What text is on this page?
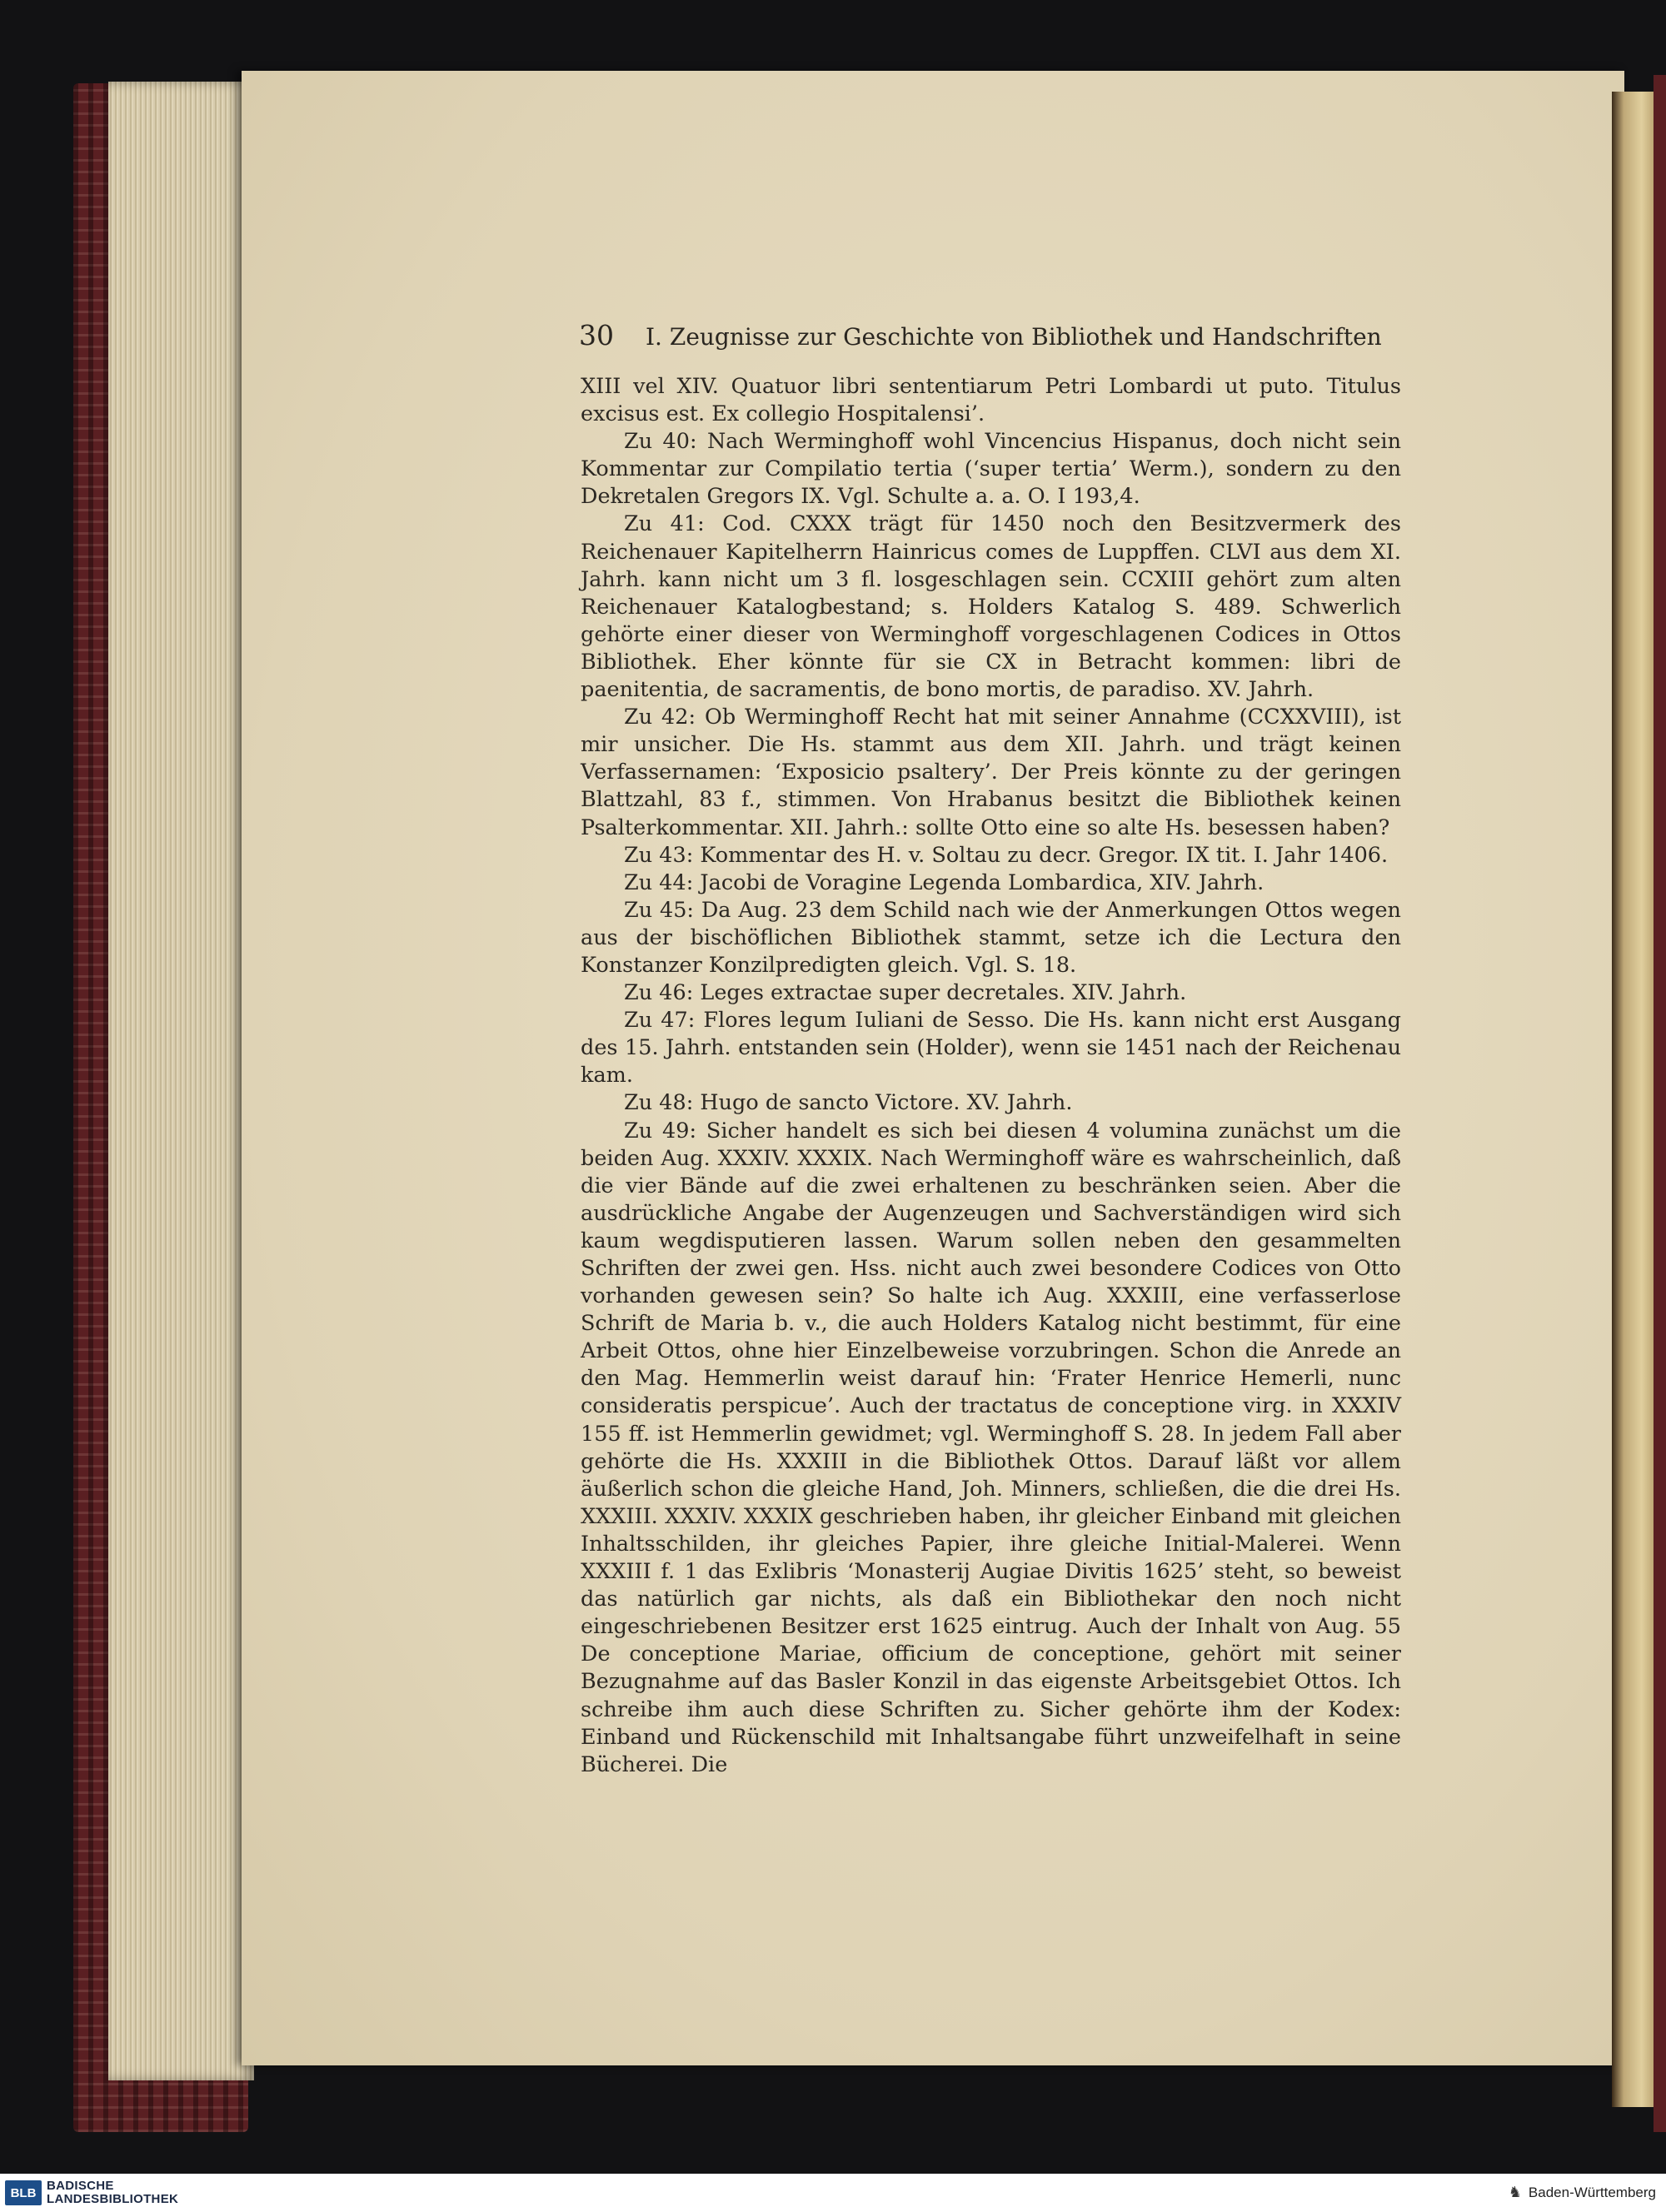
30 I. Zeugnisse zur Geschichte von Bibliothek und Handschriften

XIII vel XIV. Quatuor libri sententiarum Petri Lombardi ut puto. Titulus excisus est. Ex collegio Hospitalensi’.

Zu 40: Nach Werminghoff wohl Vincencius Hispanus, doch nicht sein Kommentar zur Compilatio tertia (‘super tertia’ Werm.), sondern zu den Dekretalen Gregors IX. Vgl. Schulte a. a. O. I 193,4.

Zu 41: Cod. CXXX trägt für 1450 noch den Besitzvermerk des Reichenauer Kapitelherrn Hainricus comes de Luppffen. CLVI aus dem XI. Jahrh. kann nicht um 3 fl. losgeschlagen sein. CCXIII gehört zum alten Reichenauer Katalogbestand; s. Holders Katalog S. 489. Schwerlich gehörte einer dieser von Werminghoff vorgeschlagenen Codices in Ottos Bibliothek. Eher könnte für sie CX in Betracht kommen: libri de paenitentia, de sacramentis, de bono mortis, de paradiso. XV. Jahrh.

Zu 42: Ob Werminghoff Recht hat mit seiner Annahme (CCXXVIII), ist mir unsicher. Die Hs. stammt aus dem XII. Jahrh. und trägt keinen Verfassernamen: ‘Exposicio psaltery’. Der Preis könnte zu der geringen Blattzahl, 83 f., stimmen. Von Hrabanus besitzt die Bibliothek keinen Psalterkommentar. XII. Jahrh.: sollte Otto eine so alte Hs. besessen haben?

Zu 43: Kommentar des H. v. Soltau zu decr. Gregor. IX tit. I. Jahr 1406.

Zu 44: Jacobi de Voragine Legenda Lombardica, XIV. Jahrh.

Zu 45: Da Aug. 23 dem Schild nach wie der Anmerkungen Ottos wegen aus der bischöflichen Bibliothek stammt, setze ich die Lectura den Konstanzer Konzilpredigten gleich. Vgl. S. 18.

Zu 46: Leges extractae super decretales. XIV. Jahrh.

Zu 47: Flores legum Iuliani de Sesso. Die Hs. kann nicht erst Ausgang des 15. Jahrh. entstanden sein (Holder), wenn sie 1451 nach der Reichenau kam.

Zu 48: Hugo de sancto Victore. XV. Jahrh.

Zu 49: Sicher handelt es sich bei diesen 4 volumina zunächst um die beiden Aug. XXXIV. XXXIX. Nach Werminghoff wäre es wahrscheinlich, daß die vier Bände auf die zwei erhaltenen zu beschränken seien. Aber die ausdrückliche Angabe der Augenzeugen und Sachverständigen wird sich kaum wegdisputieren lassen. Warum sollen neben den gesammelten Schriften der zwei gen. Hss. nicht auch zwei besondere Codices von Otto vorhanden gewesen sein? So halte ich Aug. XXXIII, eine verfasserlose Schrift de Maria b. v., die auch Holders Katalog nicht bestimmt, für eine Arbeit Ottos, ohne hier Einzelbeweise vorzubringen. Schon die Anrede an den Mag. Hemmerlin weist darauf hin: ‘Frater Henrice Hemerli, nunc consideratis perspicue’. Auch der tractatus de conceptione virg. in XXXIV 155 ff. ist Hemmerlin gewidmet; vgl. Werminghoff S. 28. In jedem Fall aber gehörte die Hs. XXXIII in die Bibliothek Ottos. Darauf läßt vor allem äußerlich schon die gleiche Hand, Joh. Minners, schließen, die die drei Hs. XXXIII. XXXIV. XXXIX geschrieben haben, ihr gleicher Einband mit gleichen Inhaltsschilden, ihr gleiches Papier, ihre gleiche Initial-Malerei. Wenn XXXIII f. 1 das Exlibris ‘Monasterij Augiae Divitis 1625’ steht, so beweist das natürlich gar nichts, als daß ein Bibliothekar den noch nicht eingeschriebenen Besitzer erst 1625 eintrug. Auch der Inhalt von Aug. 55 De conceptione Mariae, officium de conceptione, gehört mit seiner Bezugnahme auf das Basler Konzil in das eigenste Arbeitsgebiet Ottos. Ich schreibe ihm auch diese Schriften zu. Sicher gehörte ihm der Kodex: Einband und Rückenschild mit Inhaltsangabe führt unzweifelhaft in seine Bücherei. Die

BLB BADISCHE
LANDESBIBLIOTHEK	♞ Baden-Württemberg
